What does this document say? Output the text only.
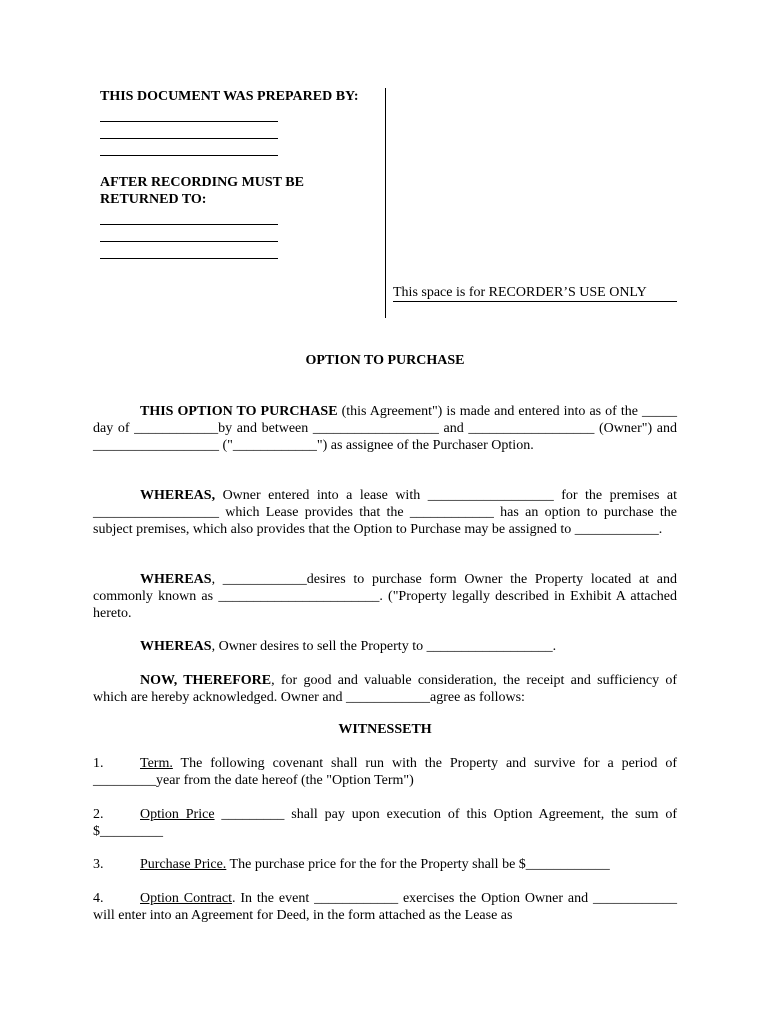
THIS DOCUMENT WAS PREPARED BY:
AFTER RECORDING MUST BE RETURNED TO:
This space is for RECORDER’S USE ONLY
OPTION TO PURCHASE
THIS OPTION TO PURCHASE (this Agreement") is made and entered into as of the _____ day of ____________by and between __________________ and __________________ (Owner") and __________________ ("____________") as assignee of the Purchaser Option.
WHEREAS, Owner entered into a lease with __________________ for the premises at __________________ which Lease provides that the ____________ has an option to purchase the subject premises, which also provides that the Option to Purchase may be assigned to ____________.
WHEREAS, ____________desires to purchase form Owner the Property located at and commonly known as _______________________. ("Property legally described in Exhibit A attached hereto.
WHEREAS, Owner desires to sell the Property to __________________.
NOW, THEREFORE, for good and valuable consideration, the receipt and sufficiency of which are hereby acknowledged. Owner and ____________agree as follows:
WITNESSETH
1.	Term. The following covenant shall run with the Property and survive for a period of _________year from the date hereof (the "Option Term")
2.	Option Price _________ shall pay upon execution of this Option Agreement, the sum of $_________
3.	Purchase Price. The purchase price for the for the Property shall be $____________
4.	Option Contract. In the event ____________ exercises the Option Owner and ____________ will enter into an Agreement for Deed, in the form attached as the Lease as
